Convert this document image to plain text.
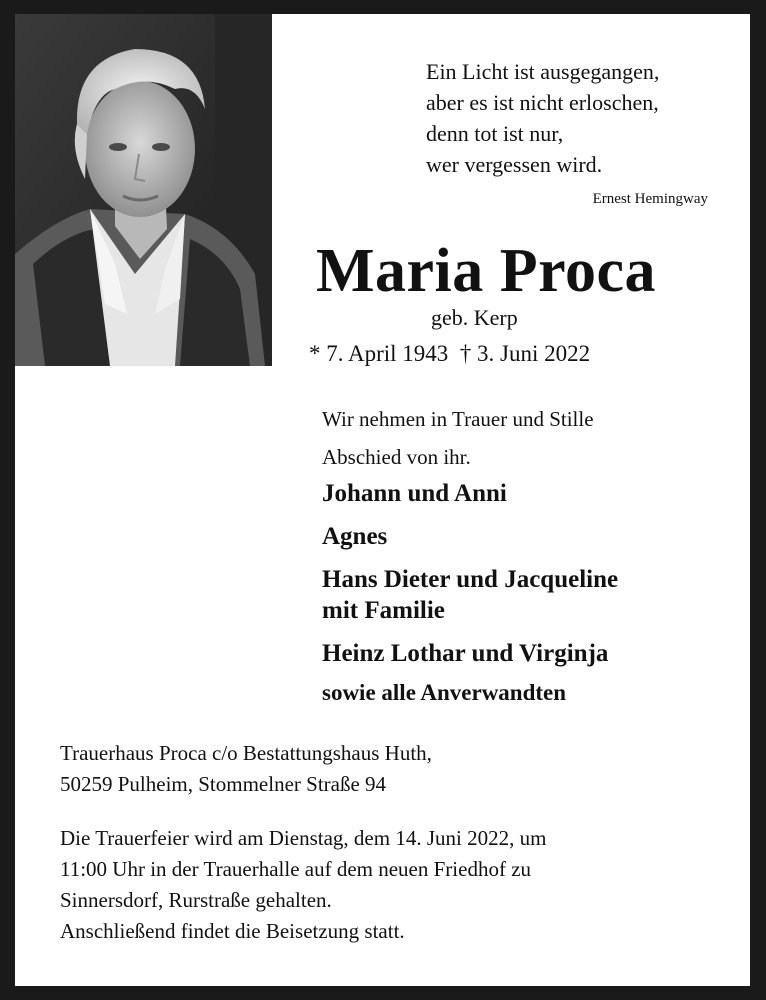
Ein Licht ist ausgegangen,
aber es ist nicht erloschen,
denn tot ist nur,
wer vergessen wird.
Ernest Hemingway
Maria Proca
geb. Kerp
* 7. April 1943  † 3. Juni 2022
Wir nehmen in Trauer und Stille
Abschied von ihr.
Johann und Anni
Agnes
Hans Dieter und Jacqueline
mit Familie
Heinz Lothar und Virginja
sowie alle Anverwandten
Trauerhaus Proca c/o Bestattungshaus Huth,
50259 Pulheim, Stommelner Straße 94
Die Trauerfeier wird am Dienstag, dem 14. Juni 2022, um
11:00 Uhr in der Trauerhalle auf dem neuen Friedhof zu
Sinnersdorf, Rurstraße gehalten.
Anschließend findet die Beisetzung statt.
